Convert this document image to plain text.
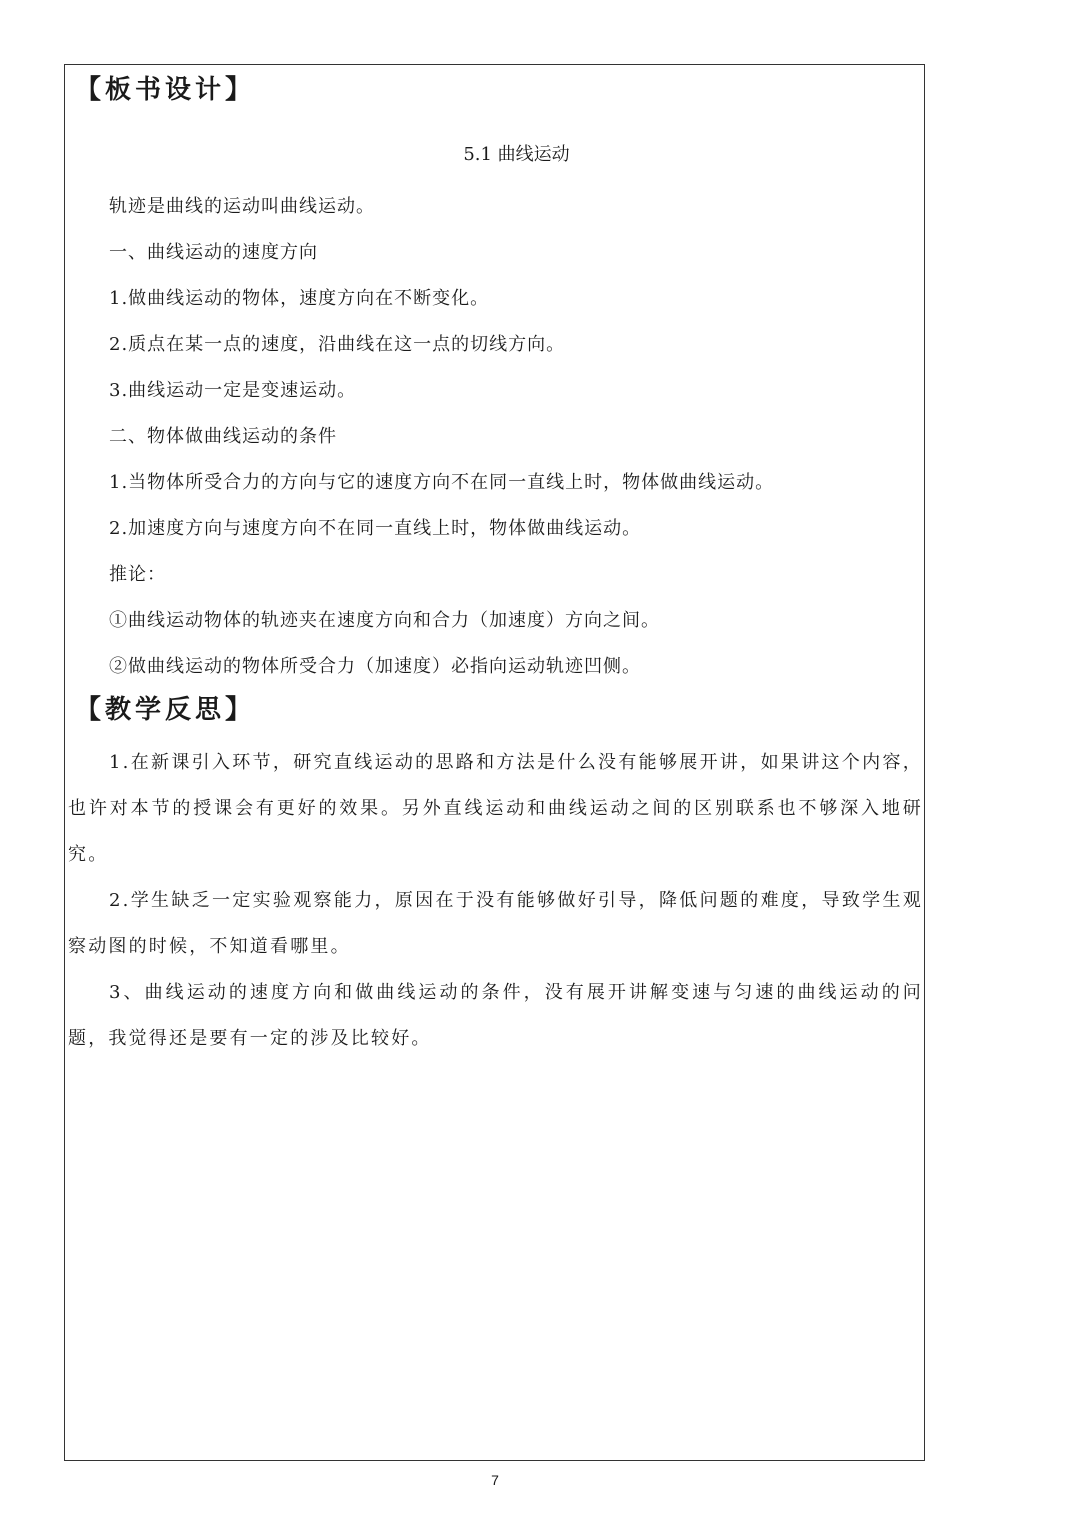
【板书设计】
5.1 曲线运动
轨迹是曲线的运动叫曲线运动。
一、曲线运动的速度方向
1.做曲线运动的物体，速度方向在不断变化。
2.质点在某一点的速度，沿曲线在这一点的切线方向。
3.曲线运动一定是变速运动。
二、物体做曲线运动的条件
1.当物体所受合力的方向与它的速度方向不在同一直线上时，物体做曲线运动。
2.加速度方向与速度方向不在同一直线上时，物体做曲线运动。
推论：
①曲线运动物体的轨迹夹在速度方向和合力（加速度）方向之间。
②做曲线运动的物体所受合力（加速度）必指向运动轨迹凹侧。
【教学反思】

1.在新课引入环节，研究直线运动的思路和方法是什么没有能够展开讲，如果讲这个内容，也许对本节的授课会有更好的效果。另外直线运动和曲线运动之间的区别联系也不够深入地研究。

2.学生缺乏一定实验观察能力，原因在于没有能够做好引导，降低问题的难度，导致学生观察动图的时候，不知道看哪里。

3、曲线运动的速度方向和做曲线运动的条件，没有展开讲解变速与匀速的曲线运动的问题，我觉得还是要有一定的涉及比较好。

7
